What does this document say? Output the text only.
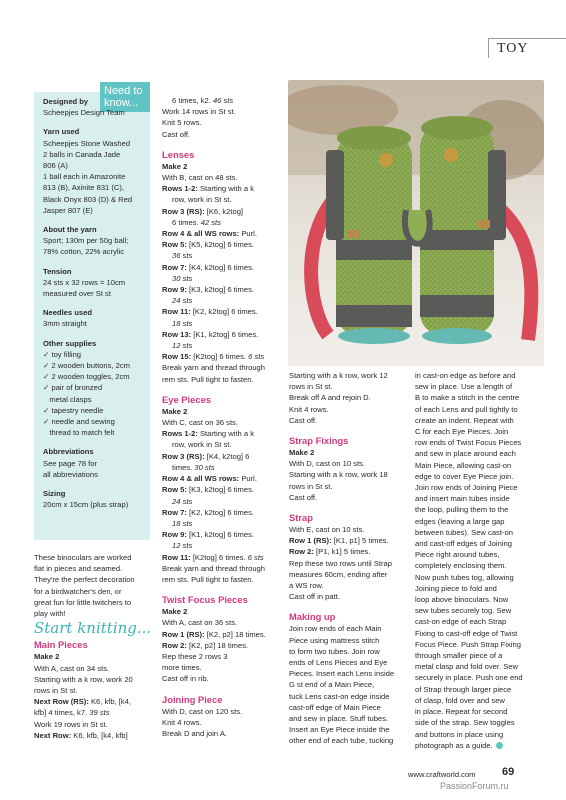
TOY
Need to know...
Designed by
Scheepjes Design Team
Yarn used
Scheepjes Stone Washed
2 balls in Canada Jade
806 (A)
1 ball each in Amazonite
813 (B), Axinite 831 (C),
Black Onyx 803 (D) & Red
Jasper 807 (E)
About the yarn
Sport; 130m per 50g ball;
78% cotton, 22% acrylic
Tension
24 sts x 32 rows = 10cm
measured over St st
Needles used
3mm straight
Other supplies
✓ toy filling
✓ 2 wooden buttons, 2cm
✓ 2 wooden toggles, 2cm
✓ pair of bronzed
metal clasps
✓ tapestry needle
✓ needle and sewing
thread to match felt
Abbreviations
See page 78 for
all abbreviations
Sizing
20cm x 15cm (plus strap)
These binoculars are worked
flat in pieces and seamed.
They're the perfect decoration
for a birdwatcher's den, or
great fun for little twitchers to
play with!
Start knitting...
Main Pieces
Make 2
With A, cast on 34 sts.
Starting with a k row, work 20
rows in St st.
Next Row (RS): K6, kfb, [k4,
kfb] 4 times, k7. 39 sts
Work 19 rows in St st.
Next Row: K6, kfb, [k4, kfb]
6 times, k2. 46 sts
Work 14 rows in St st.
Knit 5 rows.
Cast off.
Lenses
Make 2
With B, cast on 48 sts.
Rows 1-2: Starting with a k
row, work in St st.
Row 3 (RS): [K6, k2tog]
6 times. 42 sts
Row 4 & all WS rows: Purl.
Row 5: [K5, k2tog] 6 times.
36 sts
Row 7: [K4, k2tog] 6 times.
30 sts
Row 9: [K3, k2tog] 6 times.
24 sts
Row 11: [K2, k2tog] 6 times.
18 sts
Row 13: [K1, k2tog] 6 times.
12 sts
Row 15: [K2tog] 6 times. 6 sts
Break yarn and thread through
rem sts. Pull tight to fasten.
Eye Pieces
Make 2
With C, cast on 36 sts.
Rows 1-2: Starting with a k
row, work in St st.
Row 3 (RS): [K4, k2tog] 6
times. 30 sts
Row 4 & all WS rows: Purl.
Row 5: [K3, k2tog] 6 times.
24 sts
Row 7: [K2, k2tog] 6 times.
18 sts
Row 9: [K1, k2tog] 6 times.
12 sts
Row 11: [K2tog] 6 times. 6 sts
Break yarn and thread through
rem sts. Pull tight to fasten.
Twist Focus Pieces
Make 2
With A, cast on 36 sts.
Row 1 (RS): [K2, p2] 18 times.
Row 2: [K2, p2] 18 times.
Rep these 2 rows 3
more times.
Cast off in rib.
Joining Piece
With D, cast on 120 sts.
Knit 4 rows.
Break D and join A.
Starting with a k row, work 12
rows in St st.
Break off A and rejoin D.
Knit 4 rows.
Cast off.
Strap Fixings
Make 2
With D, cast on 10 sts.
Starting with a k row, work 18
rows in St st.
Cast off.
Strap
With E, cast on 10 sts.
Row 1 (RS): [K1, p1] 5 times.
Row 2: [P1, k1] 5 times.
Rep these two rows until Strap
measures 60cm, ending after
a WS row.
Cast off in patt.
Making up
Join row ends of each Main
Piece using mattress stitch
to form two tubes. Join row
ends of Lens Pieces and Eye
Pieces. Insert each Lens inside
G st end of a Main Piece,
tuck Lens cast-on edge inside
cast-off edge of Main Piece
and sew in place. Stuff tubes.
Insert an Eye Piece inside the
other end of each tube, tucking
in cast-on edge as before and
sew in place. Use a length of
B to make a stitch in the centre
of each Lens and pull tightly to
create an indent. Repeat with
C for each Eye Pieces. Join
row ends of Twist Focus Pieces
and sew in place around each
Main Piece, allowing cast-on
edge to cover Eye Piece join.
Join row ends of Joining Piece
and insert main tubes inside
the loop, pulling them to the
edges (leaving a large gap
between tubes). Sew cast-on
and cast-off edges of Joining
Piece right around tubes,
completely enclosing them.
Now push tubes tog, allowing
Joining piece to fold and
loop above binoculars. Now
sew tubes securely tog. Sew
cast-on edge of each Strap
Fixing to cast-off edge of Twist
Focus Piece. Push Strap Fixing
through smaller piece of a
metal clasp and fold over. Sew
securely in place. Push one end
of Strap through larger piece
of clasp, fold over and sew
in place. Repeat for second
side of the strap. Sew toggles
and buttons in place using
photograph as a guide.
www.craftworld.com 69
PassionForum.ru
